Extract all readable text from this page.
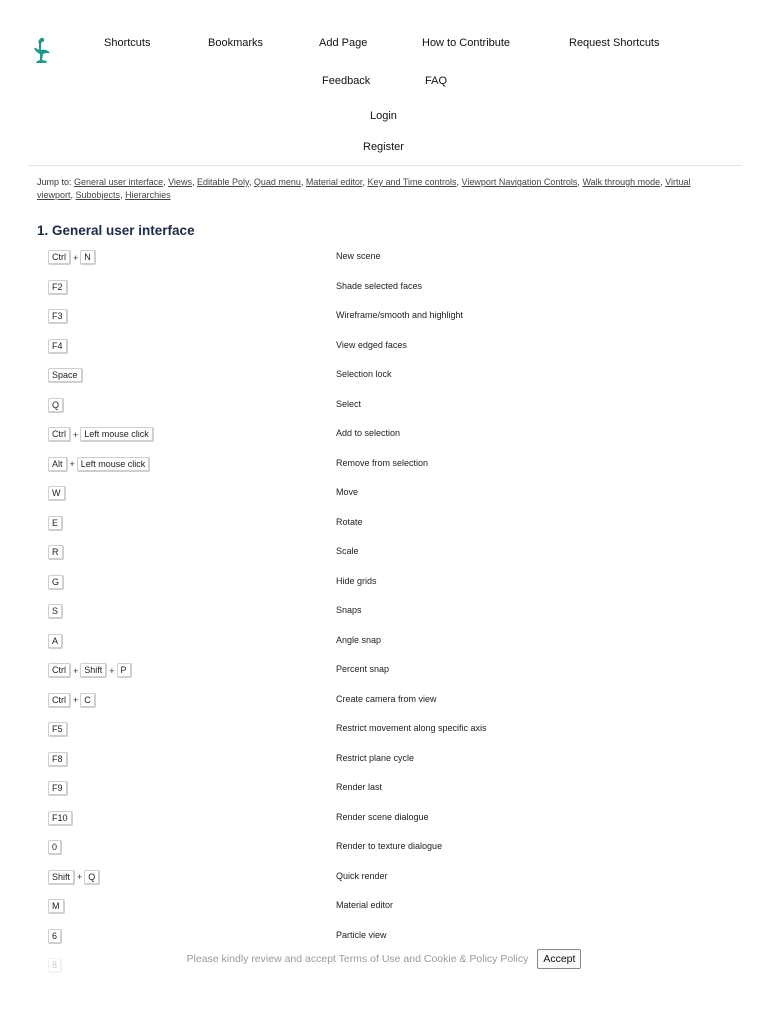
Shortcuts	Bookmarks	Add Page	How to Contribute	Request Shortcuts
Feedback	FAQ
Login
Register
Jump to: General user interface, Views, Editable Poly, Quad menu, Material editor, Key and Time controls, Viewport Navigation Controls, Walk through mode, Virtual viewport, Subobjects, Hierarchies
1. General user interface
Ctrl + N	New scene
F2	Shade selected faces
F3	Wireframe/smooth and highlight
F4	View edged faces
Space	Selection lock
Q	Select
Ctrl + Left mouse click	Add to selection
Alt + Left mouse click	Remove from selection
W	Move
E	Rotate
R	Scale
G	Hide grids
S	Snaps
A	Angle snap
Ctrl + Shift + P	Percent snap
Ctrl + C	Create camera from view
F5	Restrict movement along specific axis
F8	Restrict plane cycle
F9	Render last
F10	Render scene dialogue
0	Render to texture dialogue
Shift + Q	Quick render
M	Material editor
6	Particle view
8	Please kindly review and accept Terms of Use and Cookie & Policy Policy	Accept
